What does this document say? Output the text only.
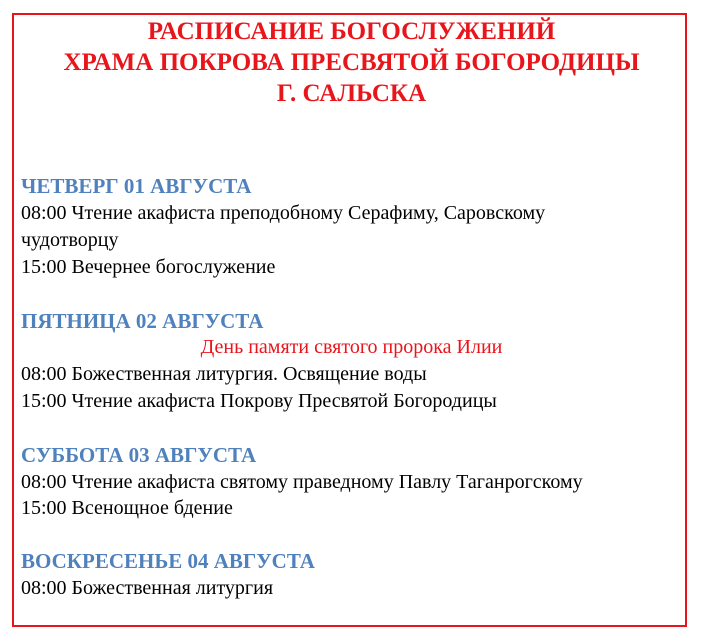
РАСПИСАНИЕ БОГОСЛУЖЕНИЙ
ХРАМА ПОКРОВА ПРЕСВЯТОЙ БОГОРОДИЦЫ
Г. САЛЬСКА
ЧЕТВЕРГ 01 АВГУСТА
08:00 Чтение акафиста преподобному Серафиму, Саровскому
чудотворцу
15:00 Вечернее богослужение
ПЯТНИЦА 02 АВГУСТА
День памяти святого пророка Илии
08:00 Божественная литургия. Освящение воды
15:00 Чтение акафиста Покрову Пресвятой Богородицы
СУББОТА 03 АВГУСТА
08:00 Чтение акафиста святому праведному Павлу Таганрогскому
15:00 Всенощное бдение
ВОСКРЕСЕНЬЕ 04 АВГУСТА
08:00 Божественная литургия
